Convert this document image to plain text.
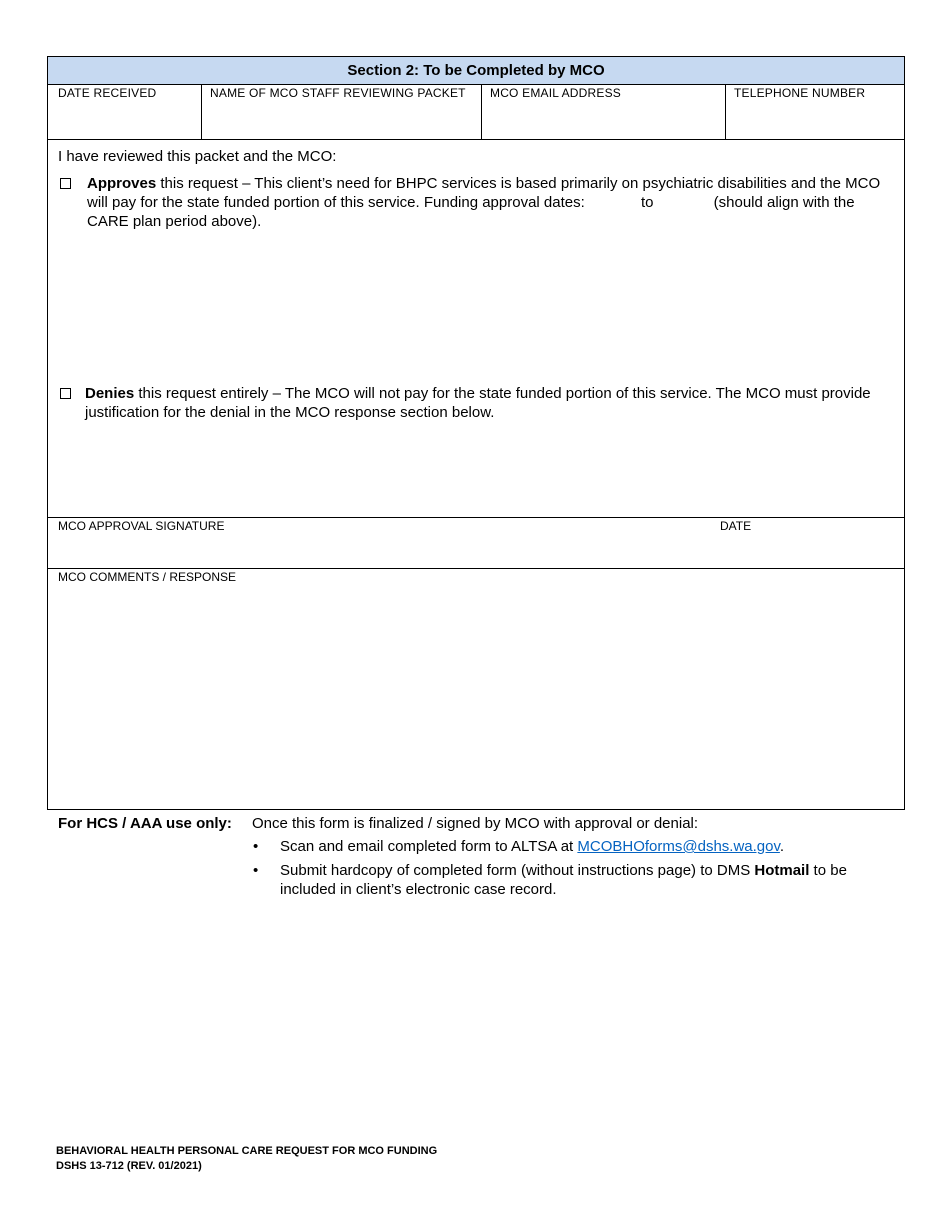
Section 2: To be Completed by MCO
DATE RECEIVED	NAME OF MCO STAFF REVIEWING PACKET	MCO EMAIL ADDRESS	TELEPHONE NUMBER
I have reviewed this packet and the MCO:
Approves this request – This client’s need for BHPC services is based primarily on psychiatric disabilities and the MCO will pay for the state funded portion of this service. Funding approval dates:	to	(should align with the CARE plan period above).
Denies this request entirely – The MCO will not pay for the state funded portion of this service. The MCO must provide justification for the denial in the MCO response section below.
MCO APPROVAL SIGNATURE	DATE
MCO COMMENTS / RESPONSE
For HCS / AAA use only: Once this form is finalized / signed by MCO with approval or denial:
• Scan and email completed form to ALTSA at MCOBHOforms@dshs.wa.gov.
• Submit hardcopy of completed form (without instructions page) to DMS Hotmail to be included in client’s electronic case record.
BEHAVIORAL HEALTH PERSONAL CARE REQUEST FOR MCO FUNDING
DSHS 13-712 (REV. 01/2021)
